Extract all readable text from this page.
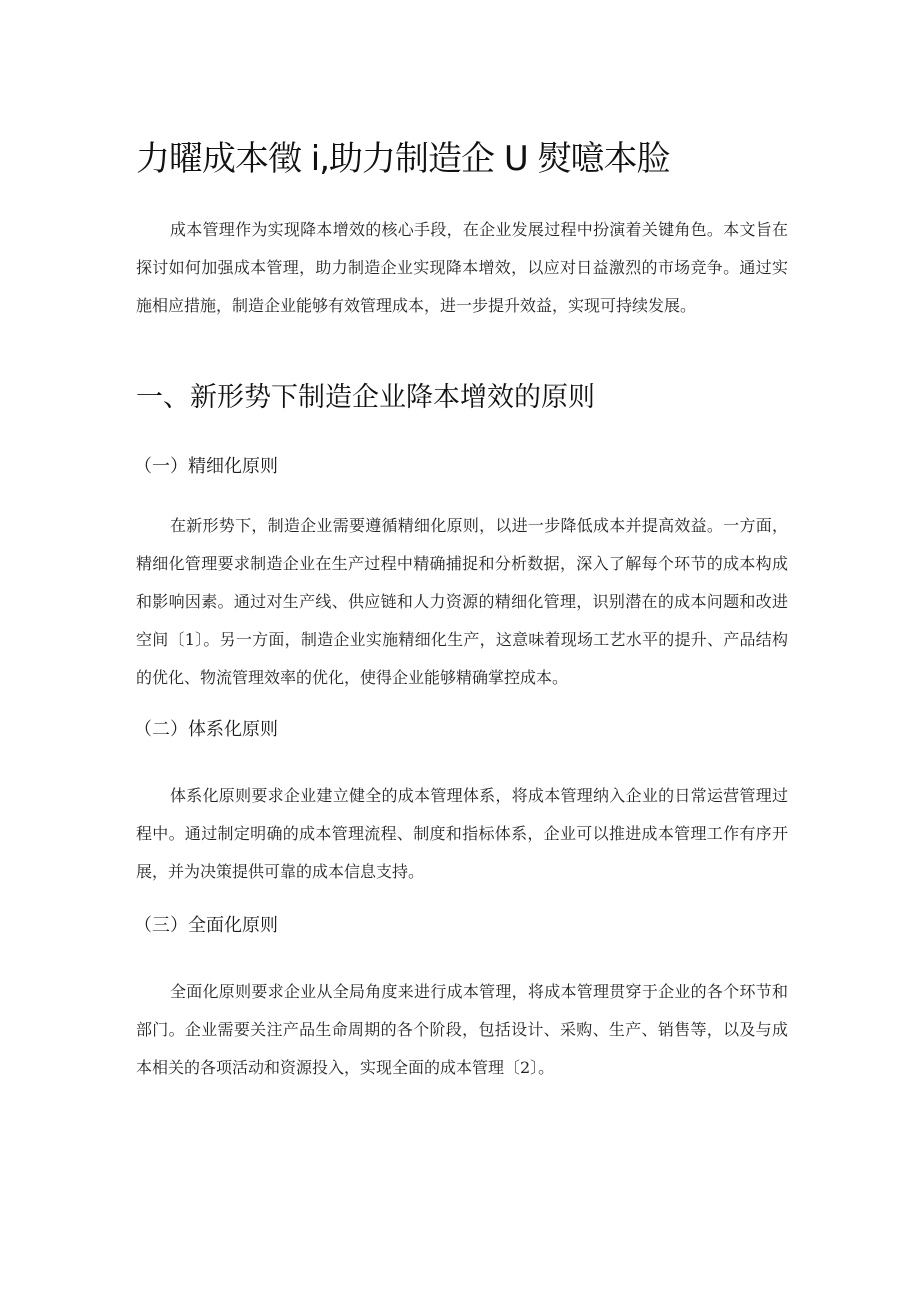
力曜成本徵 i,助力制造企 U 熨噫本脸

成本管理作为实现降本增效的核心手段，在企业发展过程中扮演着关键角色。本文旨在探讨如何加强成本管理，助力制造企业实现降本增效，以应对日益激烈的市场竞争。通过实施相应措施，制造企业能够有效管理成本，进一步提升效益，实现可持续发展。

一、新形势下制造企业降本增效的原则
（一）精细化原则

在新形势下，制造企业需要遵循精细化原则，以进一步降低成本并提高效益。一方面，精细化管理要求制造企业在生产过程中精确捕捉和分析数据，深入了解每个环节的成本构成和影响因素。通过对生产线、供应链和人力资源的精细化管理，识别潜在的成本问题和改进空间〔1〕。另一方面，制造企业实施精细化生产，这意味着现场工艺水平的提升、产品结构的优化、物流管理效率的优化，使得企业能够精确掌控成本。

（二）体系化原则

体系化原则要求企业建立健全的成本管理体系，将成本管理纳入企业的日常运营管理过程中。通过制定明确的成本管理流程、制度和指标体系，企业可以推进成本管理工作有序开展，并为决策提供可靠的成本信息支持。

（三）全面化原则

全面化原则要求企业从全局角度来进行成本管理，将成本管理贯穿于企业的各个环节和部门。企业需要关注产品生命周期的各个阶段，包括设计、采购、生产、销售等，以及与成本相关的各项活动和资源投入，实现全面的成本管理〔2〕。
